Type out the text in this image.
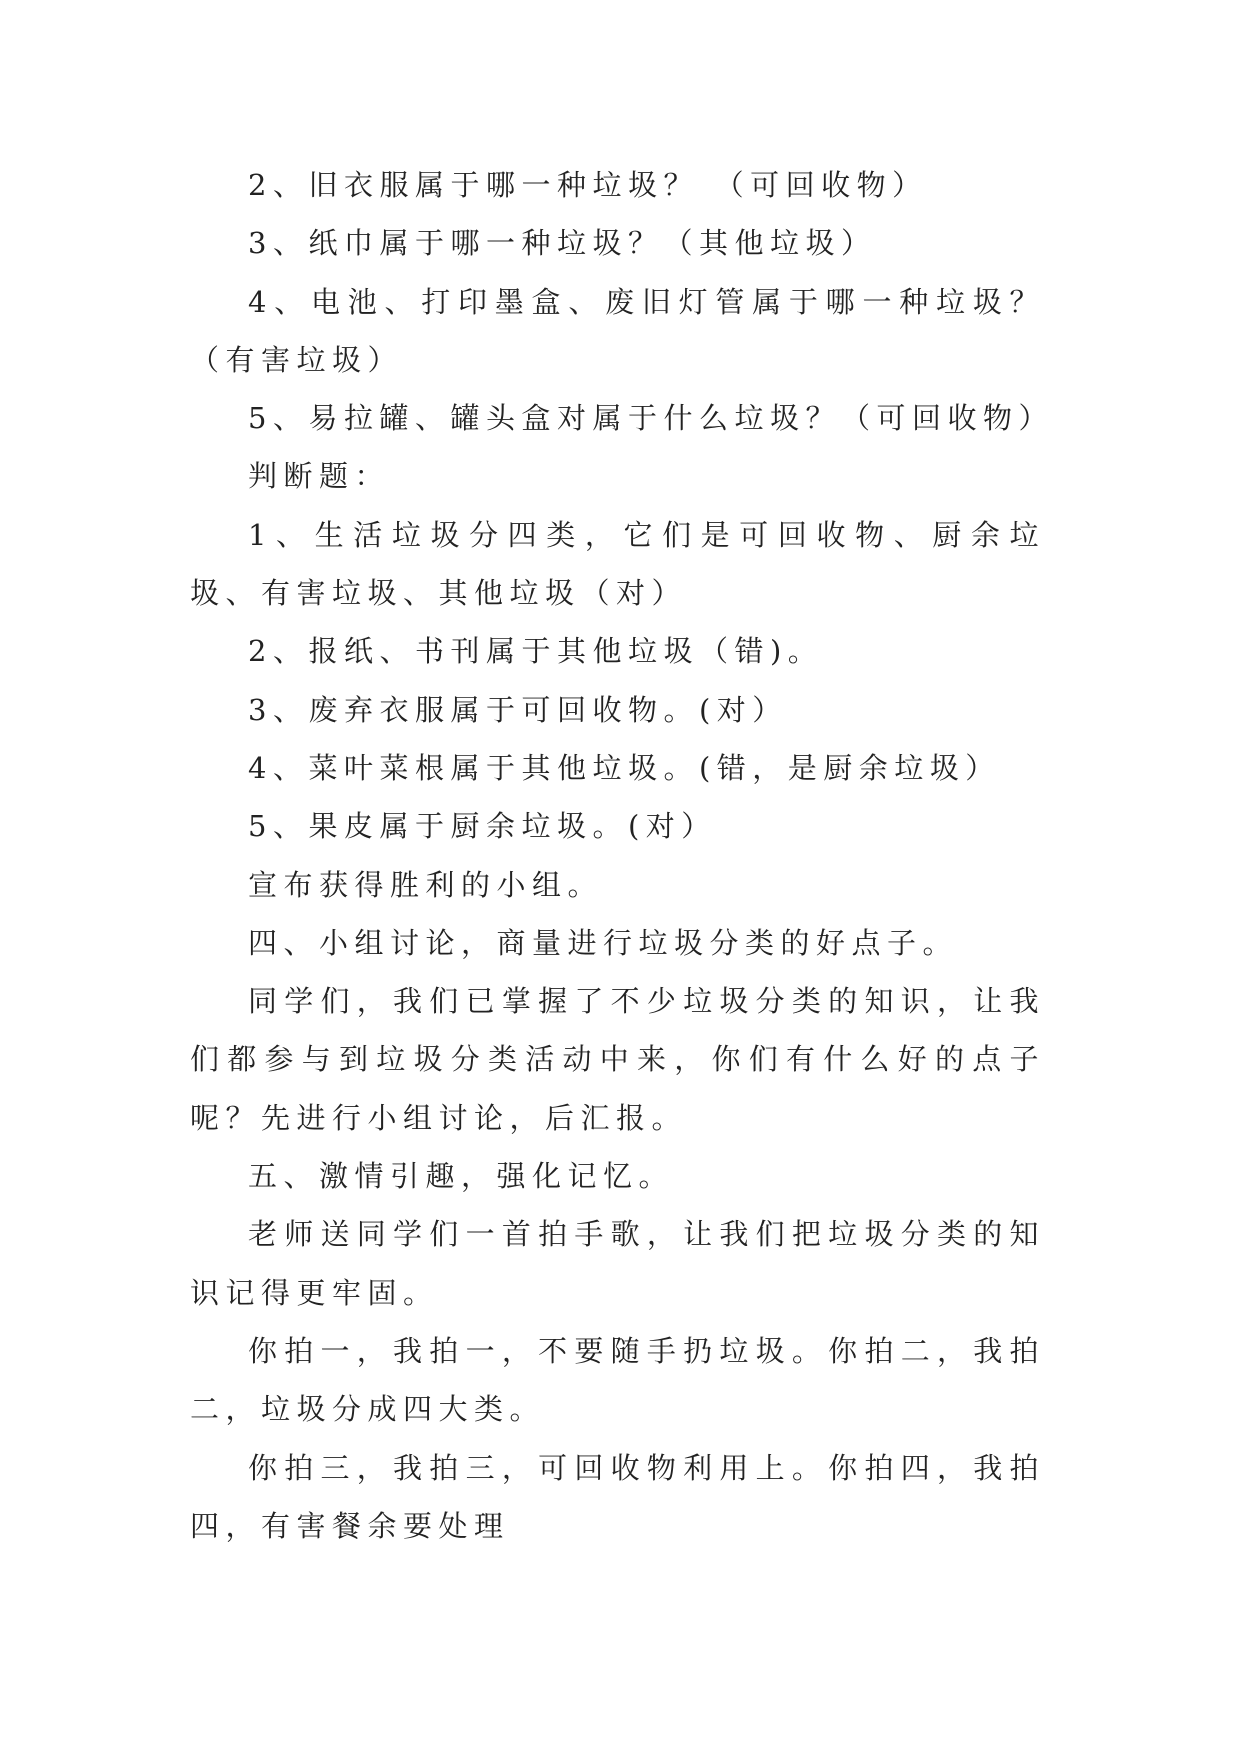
2、旧衣服属于哪一种垃圾？ （可回收物）

3、纸巾属于哪一种垃圾？（其他垃圾）

4、电池、打印墨盒、废旧灯管属于哪一种垃圾？（有害垃圾）

5、易拉罐、罐头盒对属于什么垃圾？（可回收物）

判断题：

1、生活垃圾分四类，它们是可回收物、厨余垃圾、有害垃圾、其他垃圾（对）

2、报纸、书刊属于其他垃圾（错)。

3、废弃衣服属于可回收物。(对）

4、菜叶菜根属于其他垃圾。(错，是厨余垃圾）

5、果皮属于厨余垃圾。(对）

宣布获得胜利的小组。

四、小组讨论，商量进行垃圾分类的好点子。

同学们，我们已掌握了不少垃圾分类的知识，让我们都参与到垃圾分类活动中来，你们有什么好的点子呢？先进行小组讨论，后汇报。

五、激情引趣，强化记忆。

老师送同学们一首拍手歌，让我们把垃圾分类的知识记得更牢固。

你拍一，我拍一，不要随手扔垃圾。你拍二，我拍二，垃圾分成四大类。

你拍三，我拍三，可回收物利用上。你拍四，我拍四，有害餐余要处理
